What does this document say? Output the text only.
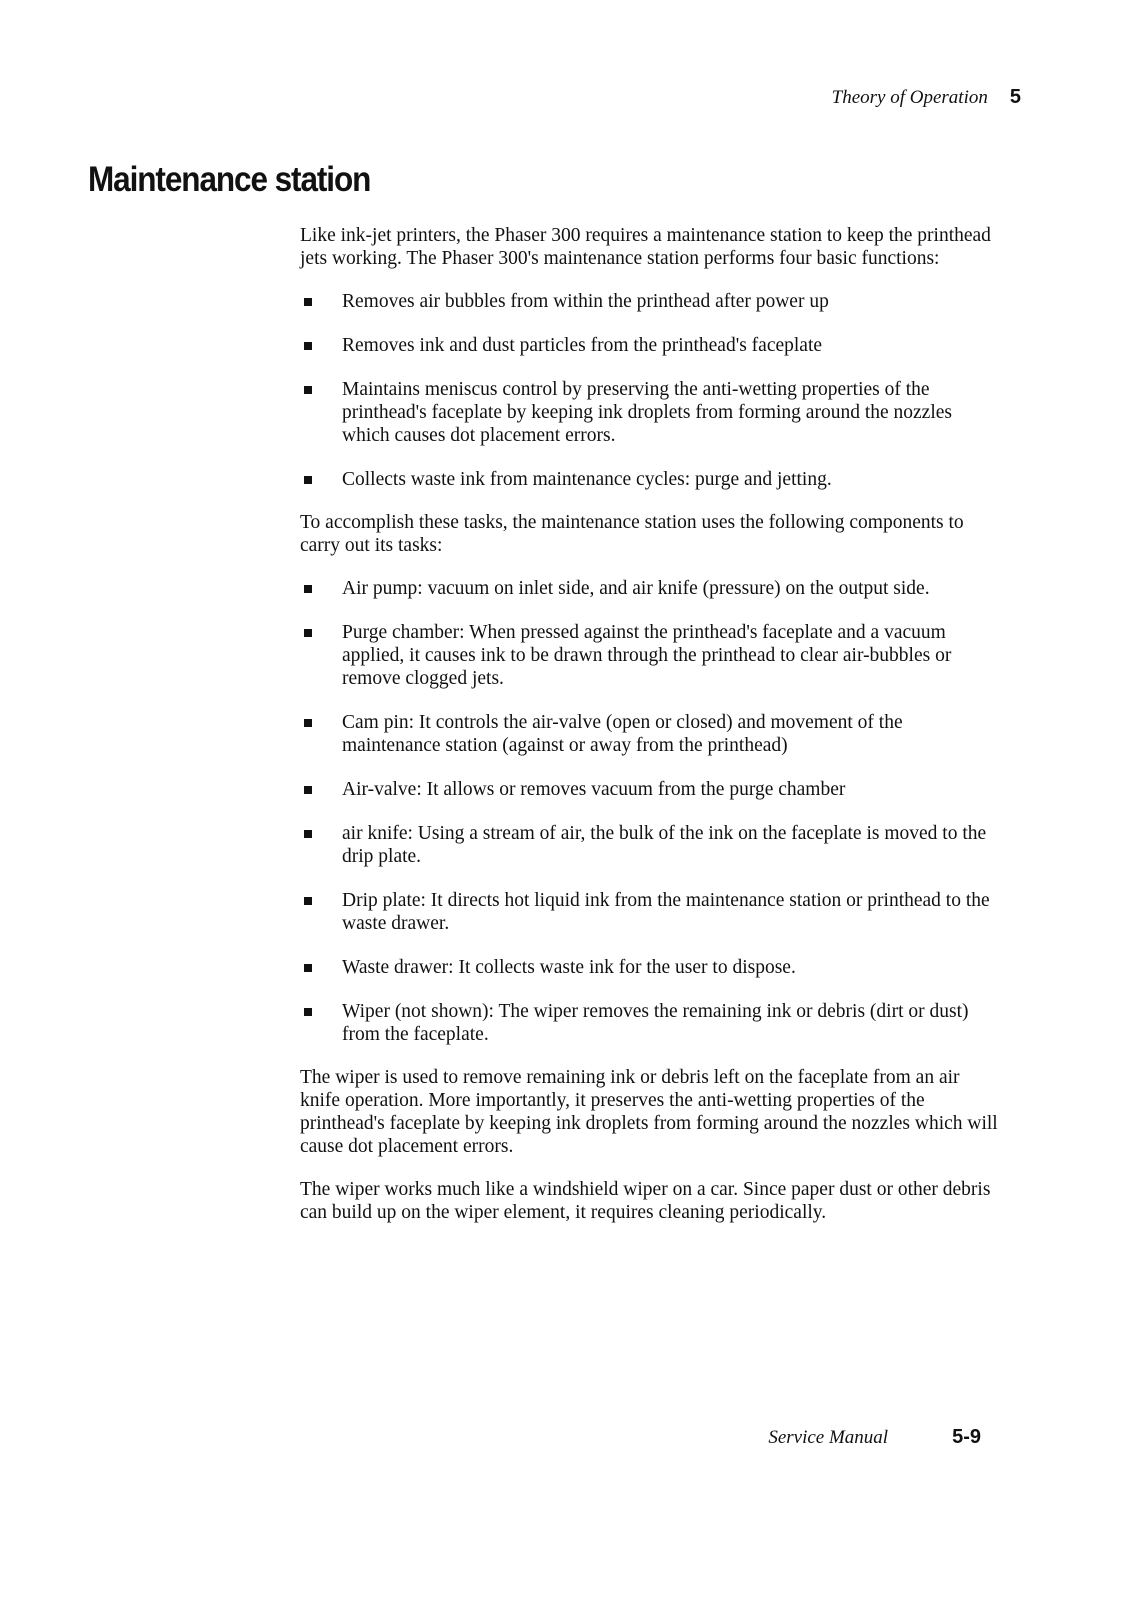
Theory of Operation 5
Maintenance station

Like ink-jet printers, the Phaser 300 requires a maintenance station to keep the printhead jets working. The Phaser 300's maintenance station performs four basic functions:

Removes air bubbles from within the printhead after power up
Removes ink and dust particles from the printhead's faceplate
Maintains meniscus control by preserving the anti-wetting properties of the printhead's faceplate by keeping ink droplets from forming around the nozzles which causes dot placement errors.
Collects waste ink from maintenance cycles: purge and jetting.

To accomplish these tasks, the maintenance station uses the following components to carry out its tasks:

Air pump: vacuum on inlet side, and air knife (pressure) on the output side.
Purge chamber: When pressed against the printhead's faceplate and a vacuum applied, it causes ink to be drawn through the printhead to clear air-bubbles or remove clogged jets.
Cam pin: It controls the air-valve (open or closed) and movement of the maintenance station (against or away from the printhead)
Air-valve: It allows or removes vacuum from the purge chamber
air knife: Using a stream of air, the bulk of the ink on the faceplate is moved to the drip plate.
Drip plate: It directs hot liquid ink from the maintenance station or printhead to the waste drawer.
Waste drawer: It collects waste ink for the user to dispose.
Wiper (not shown): The wiper removes the remaining ink or debris (dirt or dust) from the faceplate.

The wiper is used to remove remaining ink or debris left on the faceplate from an air knife operation. More importantly, it preserves the anti-wetting properties of the printhead's faceplate by keeping ink droplets from forming around the nozzles which will cause dot placement errors.

The wiper works much like a windshield wiper on a car. Since paper dust or other debris can build up on the wiper element, it requires cleaning periodically.

Service Manual	5-9
